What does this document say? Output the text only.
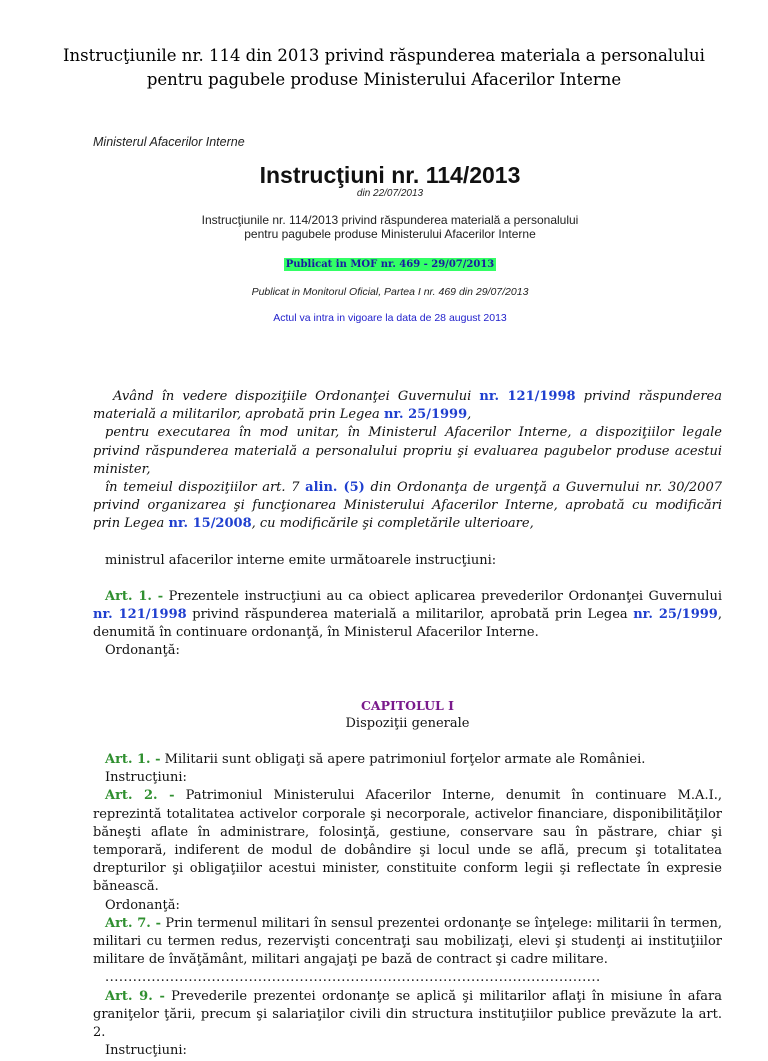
Instrucţiunile nr. 114 din 2013 privind răspunderea materiala a personalului pentru pagubele produse Ministerului Afacerilor Interne
Ministerul Afacerilor Interne
Instrucţiuni nr. 114/2013
din 22/07/2013
Instrucţiunile nr. 114/2013 privind răspunderea materială a personalului pentru pagubele produse Ministerului Afacerilor Interne
Publicat in MOF nr. 469 - 29/07/2013
Publicat in Monitorul Oficial, Partea I nr. 469 din 29/07/2013
Actul va intra in vigoare la data de 28 august 2013

Având în vedere dispoziţiile Ordonanţei Guvernului nr. 121/1998 privind răspunderea materială a militarilor, aprobată prin Legea nr. 25/1999,

pentru executarea în mod unitar, în Ministerul Afacerilor Interne, a dispoziţiilor legale privind răspunderea materială a personalului propriu şi evaluarea pagubelor produse acestui minister,

în temeiul dispoziţiilor art. 7 alin. (5) din Ordonanţa de urgenţă a Guvernului nr. 30/2007 privind organizarea şi funcţionarea Ministerului Afacerilor Interne, aprobată cu modificări prin Legea nr. 15/2008, cu modificările şi completările ulterioare,

ministrul afacerilor interne emite următoarele instrucţiuni:

Art. 1. - Prezentele instrucţiuni au ca obiect aplicarea prevederilor Ordonanţei Guvernului nr. 121/1998 privind răspunderea materială a militarilor, aprobată prin Legea nr. 25/1999, denumită în continuare ordonanţă, în Ministerul Afacerilor Interne.

Ordonanţă:

CAPITOLUL I

Dispoziţii generale

Art. 1. - Militarii sunt obligaţi să apere patrimoniul forţelor armate ale României.

Instrucţiuni:

Art. 2. - Patrimoniul Ministerului Afacerilor Interne, denumit în continuare M.A.I., reprezintă totalitatea activelor corporale şi necorporale, activelor financiare, disponibilităţilor băneşti aflate în administrare, folosinţă, gestiune, conservare sau în păstrare, chiar şi temporară, indiferent de modul de dobândire şi locul unde se află, precum şi totalitatea drepturilor şi obligaţiilor acestui minister, constituite conform legii şi reflectate în expresie bănească.

Ordonanţă:

Art. 7. - Prin termenul militari în sensul prezentei ordonanţe se înţelege: militarii în termen, militari cu termen redus, rezervişti concentraţi sau mobilizaţi, elevi şi studenţi ai instituţiilor militare de învăţământ, militari angajaţi pe bază de contract şi cadre militare.

...........................................................................................................

Art. 9. - Prevederile prezentei ordonanţe se aplică şi militarilor aflaţi în misiune în afara graniţelor ţării, precum şi salariaţilor civili din structura instituţiilor publice prevăzute la art. 2.

Instrucţiuni:
